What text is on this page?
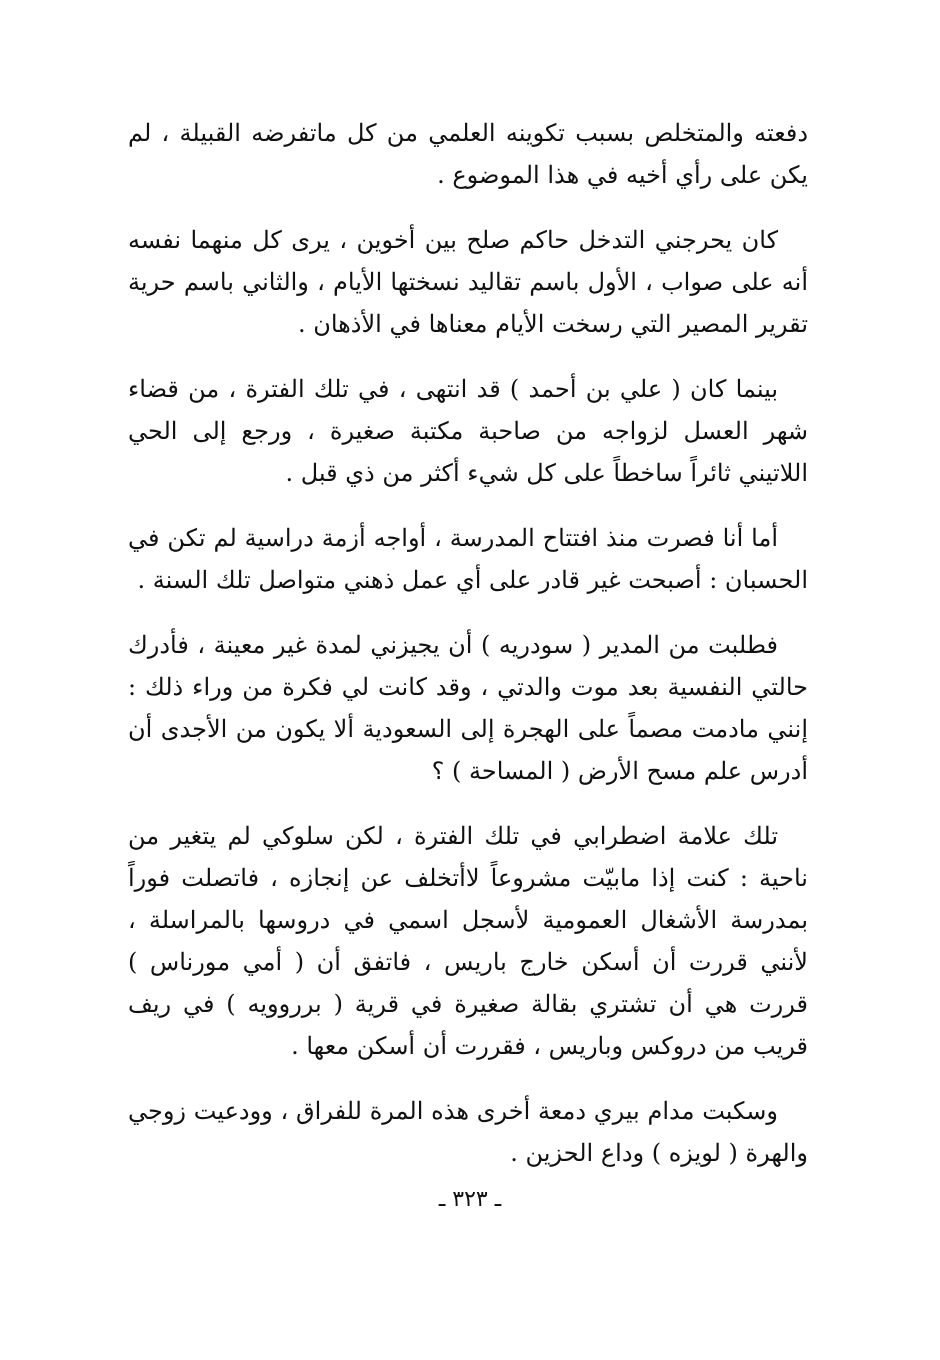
دفعته والمتخلص بسبب تكوينه العلمي من كل ماتفرضه القبيلة ، لم يكن على رأي أخيه في هذا الموضوع .

كان يحرجني التدخل حاكم صلح بين أخوين ، يرى كل منهما نفسه أنه على صواب ، الأول باسم تقاليد نسختها الأيام ، والثاني باسم حرية تقرير المصير التي رسخت الأيام معناها في الأذهان .

بينما كان ( علي بن أحمد ) قد انتهى ، في تلك الفترة ، من قضاء شهر العسل لزواجه من صاحبة مكتبة صغيرة ، ورجع إلى الحي اللاتيني ثائراً ساخطاً على كل شيء أكثر من ذي قبل .

أما أنا فصرت منذ افتتاح المدرسة ، أواجه أزمة دراسية لم تكن في الحسبان : أصبحت غير قادر على أي عمل ذهني متواصل تلك السنة .

فطلبت من المدير ( سودريه ) أن يجيزني لمدة غير معينة ، فأدرك حالتي النفسية بعد موت والدتي ، وقد كانت لي فكرة من وراء ذلك : إنني مادمت مصماً على الهجرة إلى السعودية ألا يكون من الأجدى أن أدرس علم مسح الأرض ( المساحة ) ؟

تلك علامة اضطرابي في تلك الفترة ، لكن سلوكي لم يتغير من ناحية : كنت إذا مابيّت مشروعاً لاأتخلف عن إنجازه ، فاتصلت فوراً بمدرسة الأشغال العمومية لأسجل اسمي في دروسها بالمراسلة ، لأنني قررت أن أسكن خارج باريس ، فاتفق أن ( أمي مورناس ) قررت هي أن تشتري بقالة صغيرة في قرية ( برروويه ) في ريف قريب من دروكس وباريس ، فقررت أن أسكن معها .

وسكبت مدام بيري دمعة أخرى هذه المرة للفراق ، وودعيت زوجي والهرة ( لويزه ) وداع الحزين .

ـ ٣٢٣ ـ
